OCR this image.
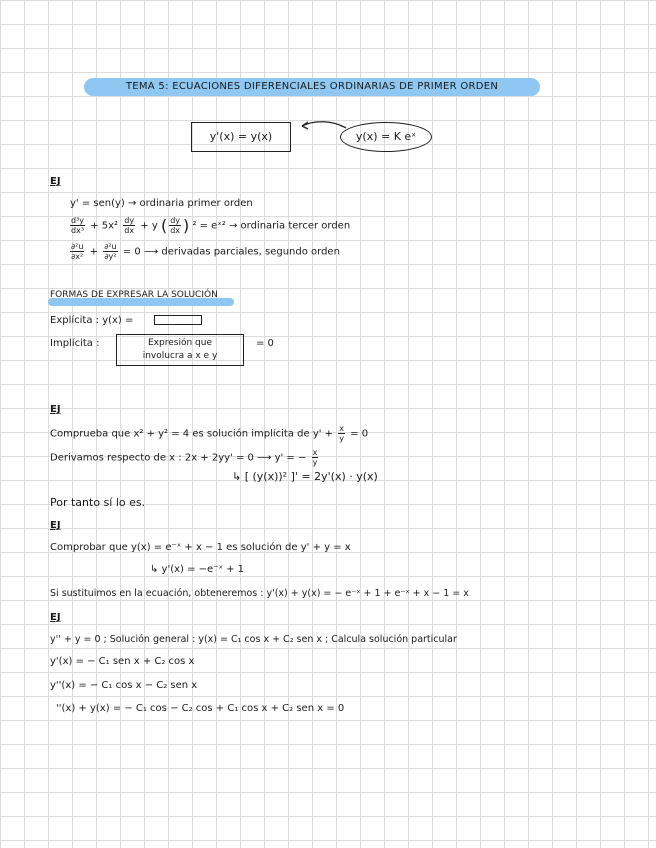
TEMA 5: ECUACIONES DIFERENCIALES ORDINARIAS DE PRIMER ORDEN
y'(x) = y(x)	y(x) = K eˣ
EJ
y' = sen(y) → ordinaria primer orden
$\frac{\text{d³y}}{\text{dx³}} + 5x^2 \frac{dy}{dx} + y$ ( $\frac{dy}{dx}$ ) ² = eˣ² → ordinaria tercer orden
$\frac{\text{∂²u}}{\text{∂x²}} + \frac{\text{∂²u}}{\text{∂y²}} = 0$ ⟶ derivadas parciales, segundo orden
FORMAS DE EXPRESAR LA SOLUCIÓN
Explícita : y(x) =
Implícita :	Expresión que involucra a x e y
= 0
EJ
Comprueba que x² + y² = 4 es solución implícita de $y' + \frac{x}{y} = 0$
Derivamos respecto de x : 2x + 2yy' = 0 ⟶ y' = − $\frac{x}{y}$
↳ [ (y(x))² ]' = 2y'(x) · y(x)
Por tanto sí lo es.
EJ
Comprobar que y(x) = e⁻ˣ + x − 1 es solución de y' + y = x
↳ y'(x) = −e⁻ˣ + 1
Si sustituimos en la ecuación, obteneremos : y'(x) + y(x) = − e⁻ˣ + 1 + e⁻ˣ + x − 1 = x
EJ
y'' + y = 0 ; Solución general : y(x) = C₁ cos x + C₂ sen x ; Calcula solución particular
y'(x) = − C₁ sen x + C₂ cos x
y''(x) = − C₁ cos x − C₂ sen x
''(x) + y(x) = − C₁ cos − C₂ cos + C₁ cos x + C₂ sen x = 0
